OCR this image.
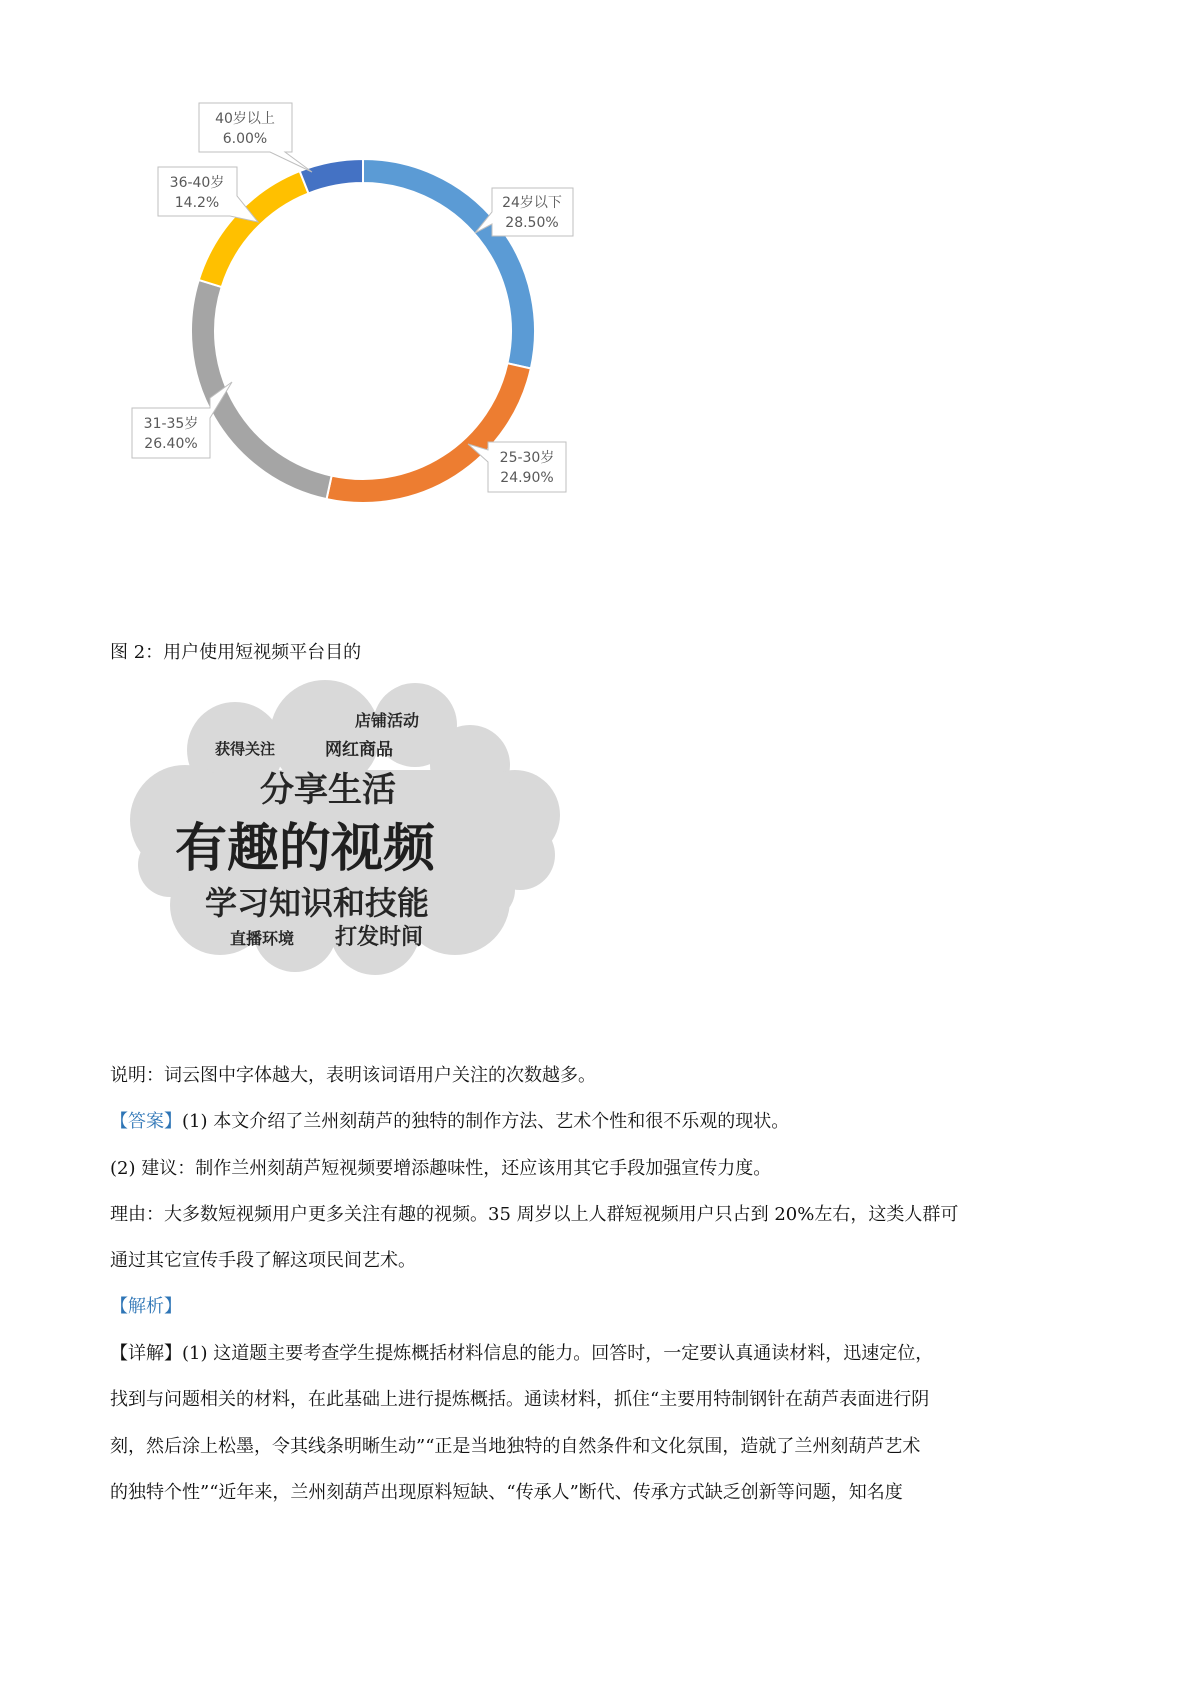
40岁以上
6.00%
36-40岁
14.2%	24岁以下
28.50%
31-35岁
26.40%
25-30岁
24.90%
图 2：用户使用短视频平台目的
店铺活动
获得关注	网红商品
分享生活
有趣的视频
学习知识和技能
直播环境 打发时间
说明：词云图中字体越大，表明该词语用户关注的次数越多。
【答案】(1) 本文介绍了兰州刻葫芦的独特的制作方法、艺术个性和很不乐观的现状。
(2) 建议：制作兰州刻葫芦短视频要增添趣味性，还应该用其它手段加强宣传力度。
理由：大多数短视频用户更多关注有趣的视频。35 周岁以上人群短视频用户只占到 20%左右，这类人群可
通过其它宣传手段了解这项民间艺术。
【解析】
【详解】(1) 这道题主要考查学生提炼概括材料信息的能力。回答时，一定要认真通读材料，迅速定位，
找到与问题相关的材料，在此基础上进行提炼概括。通读材料，抓住“主要用特制钢针在葫芦表面进行阴
刻，然后涂上松墨，令其线条明晰生动”“正是当地独特的自然条件和文化氛围，造就了兰州刻葫芦艺术
的独特个性”“近年来，兰州刻葫芦出现原料短缺、“传承人”断代、传承方式缺乏创新等问题，知名度
